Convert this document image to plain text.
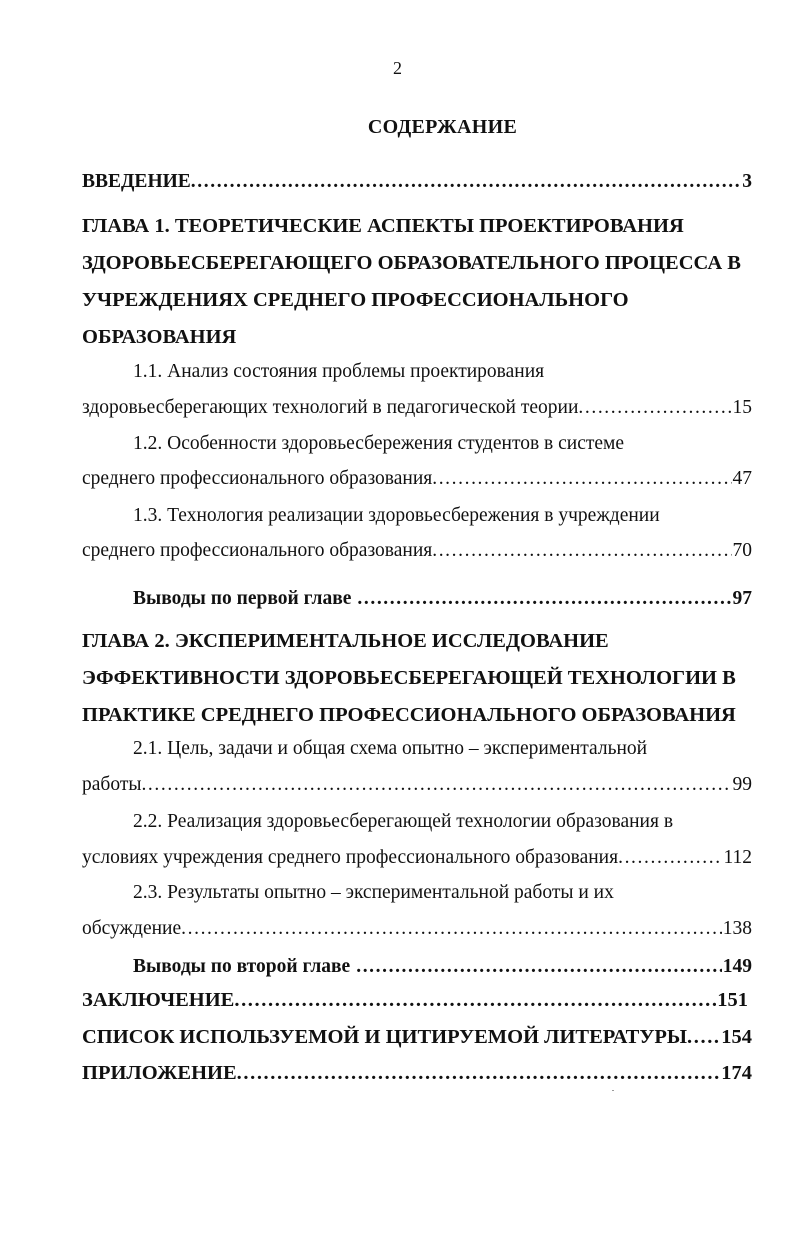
2
СОДЕРЖАНИЕ
ВВЕДЕНИЕ .....	3
ГЛАВА 1. ТЕОРЕТИЧЕСКИЕ АСПЕКТЫ ПРОЕКТИРОВАНИЯ
ЗДОРОВЬЕСБЕРЕГАЮЩЕГО ОБРАЗОВАТЕЛЬНОГО ПРОЦЕССА В
УЧРЕЖДЕНИЯХ СРЕДНЕГО ПРОФЕССИОНАЛЬНОГО
ОБРАЗОВАНИЯ
1.1. Анализ состояния проблемы проектирования
здоровьесберегающих технологий в педагогической теории .....	15
1.2. Особенности здоровьесбережения студентов в системе
среднего профессионального образования .....	47
1.3. Технология реализации здоровьесбережения в учреждении
среднего профессионального образования .....	70
Выводы по первой главе .....	97
ГЛАВА 2. ЭКСПЕРИМЕНТАЛЬНОЕ ИССЛЕДОВАНИЕ
ЭФФЕКТИВНОСТИ ЗДОРОВЬЕСБЕРЕГАЮЩЕЙ ТЕХНОЛОГИИ В
ПРАКТИКЕ СРЕДНЕГО ПРОФЕССИОНАЛЬНОГО ОБРАЗОВАНИЯ
2.1. Цель, задачи и общая схема опытно – экспериментальной
работы .....	99
2.2. Реализация здоровьесберегающей технологии образования в
условиях учреждения среднего профессионального образования .....	112
2.3. Результаты опытно – экспериментальной работы и их
обсуждение .....	138
Выводы по второй главе .....	149
ЗАКЛЮЧЕНИЕ .....	151
СПИСОК ИСПОЛЬЗУЕМОЙ И ЦИТИРУЕМОЙ ЛИТЕРАТУРЫ ..... 154
ПРИЛОЖЕНИЕ .....	174
